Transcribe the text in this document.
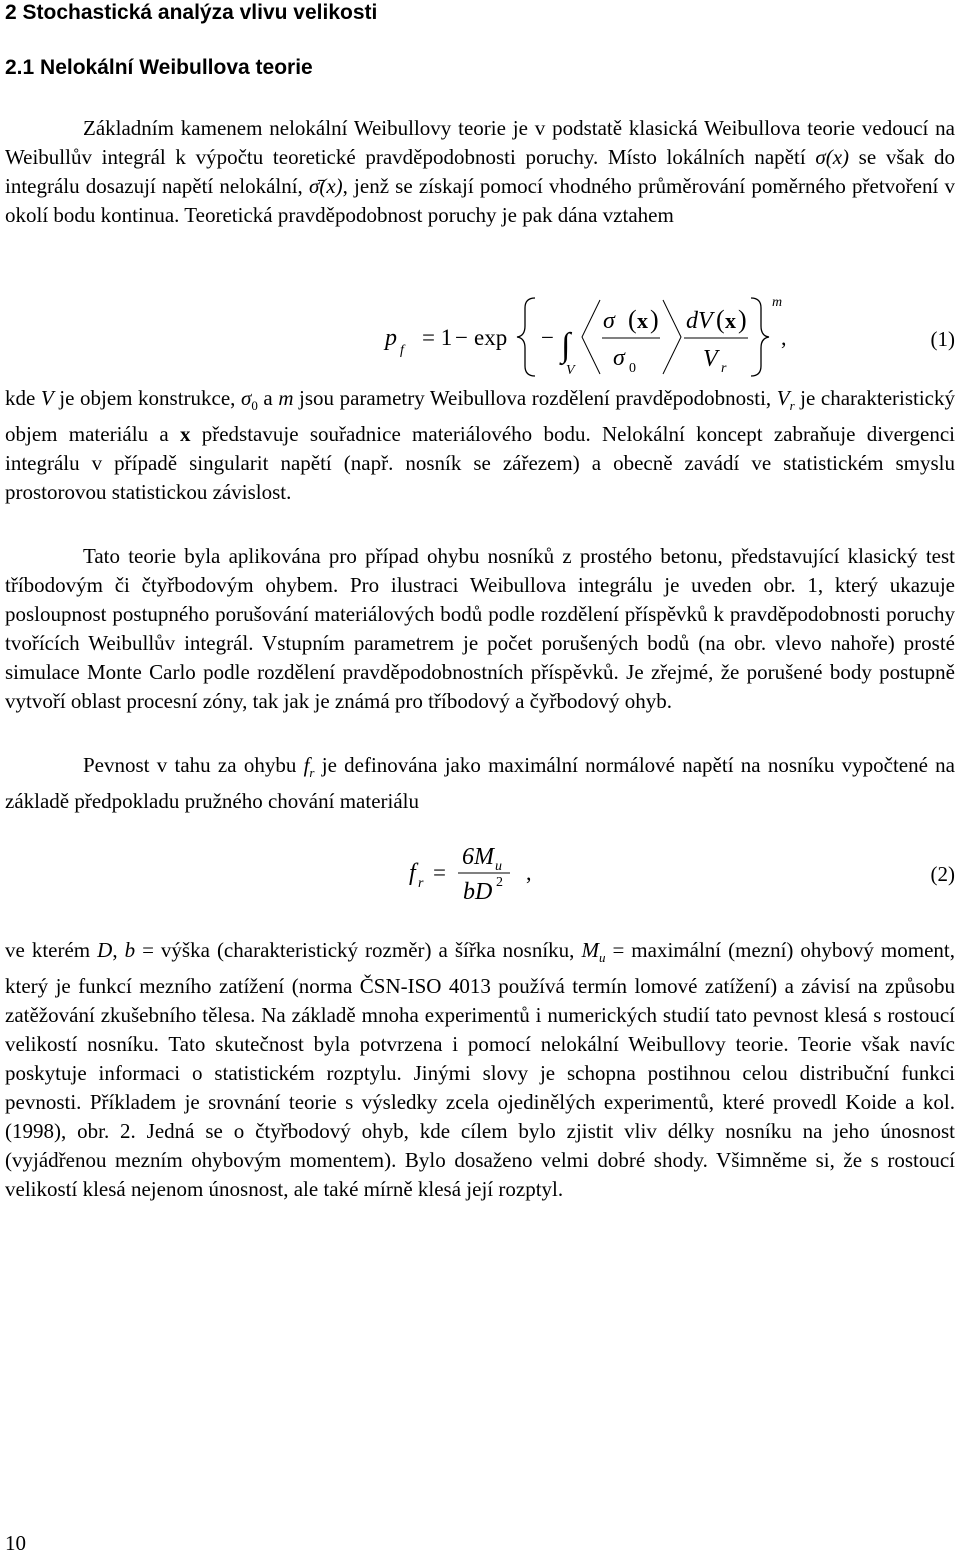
2 Stochastická analýza vlivu velikosti
2.1 Nelokální Weibullova teorie

Základním kamenem nelokální Weibullovy teorie je v podstatě klasická Weibullova teorie vedoucí na Weibullův integrál k výpočtu teoretické pravděpodobnosti poruchy. Místo lokálních napětí σ(x) se však do integrálu dosazují napětí nelokální, σ̄(x), jenž se získají pomocí vhodného průměrování poměrného přetvoření v okolí bodu kontinua. Teoretická pravděpodobnost poruchy je pak dána vztahem

p f
= 1 − exp − ∫
V
σ ( x )
σ 0
dV ( x )
V r
m
,	(1)

kde V je objem konstrukce, $\sigma_0$ a m jsou parametry Weibullova rozdělení pravděpodobnosti, $V_r$ je charakteristický objem materiálu a x představuje souřadnice materiálového bodu. Nelokální koncept zabraňuje divergenci integrálu v případě singularit napětí (např. nosník se zářezem) a obecně zavádí ve statistickém smyslu prostorovou statistickou závislost.

Tato teorie byla aplikována pro případ ohybu nosníků z prostého betonu, představující klasický test tříbodovým či čtyřbodovým ohybem. Pro ilustraci Weibullova integrálu je uveden obr. 1, který ukazuje posloupnost postupného porušování materiálových bodů podle rozdělení příspěvků k pravděpodobnosti poruchy tvořících Weibullův integrál. Vstupním parametrem je počet porušených bodů (na obr. vlevo nahoře) prosté simulace Monte Carlo podle rozdělení pravděpodobnostních příspěvků. Je zřejmé, že porušené body postupně vytvoří oblast procesní zóny, tak jak je známá pro tříbodový a čyřbodový ohyb.

Pevnost v tahu za ohybu $f_r$ je definována jako maximální normálové napětí na nosníku vypočtené na základě předpokladu pružného chování materiálu

f r =
6M u
bD 2 ,	(2)

ve kterém D, b = výška (charakteristický rozměr) a šířka nosníku, $M_u$ = maximální (mezní) ohybový moment, který je funkcí mezního zatížení (norma ČSN-ISO 4013 používá termín lomové zatížení) a závisí na způsobu zatěžování zkušebního tělesa. Na základě mnoha experimentů i numerických studií tato pevnost klesá s rostoucí velikostí nosníku. Tato skutečnost byla potvrzena i pomocí nelokální Weibullovy teorie. Teorie však navíc poskytuje informaci o statistickém rozptylu. Jinými slovy je schopna postihnou celou distribuční funkci pevnosti. Příkladem je srovnání teorie s výsledky zcela ojedinělých experimentů, které provedl Koide a kol. (1998), obr. 2. Jedná se o čtyřbodový ohyb, kde cílem bylo zjistit vliv délky nosníku na jeho únosnost (vyjádřenou mezním ohybovým momentem). Bylo dosaženo velmi dobré shody. Všimněme si, že s rostoucí velikostí klesá nejenom únosnost, ale také mírně klesá její rozptyl.

10
